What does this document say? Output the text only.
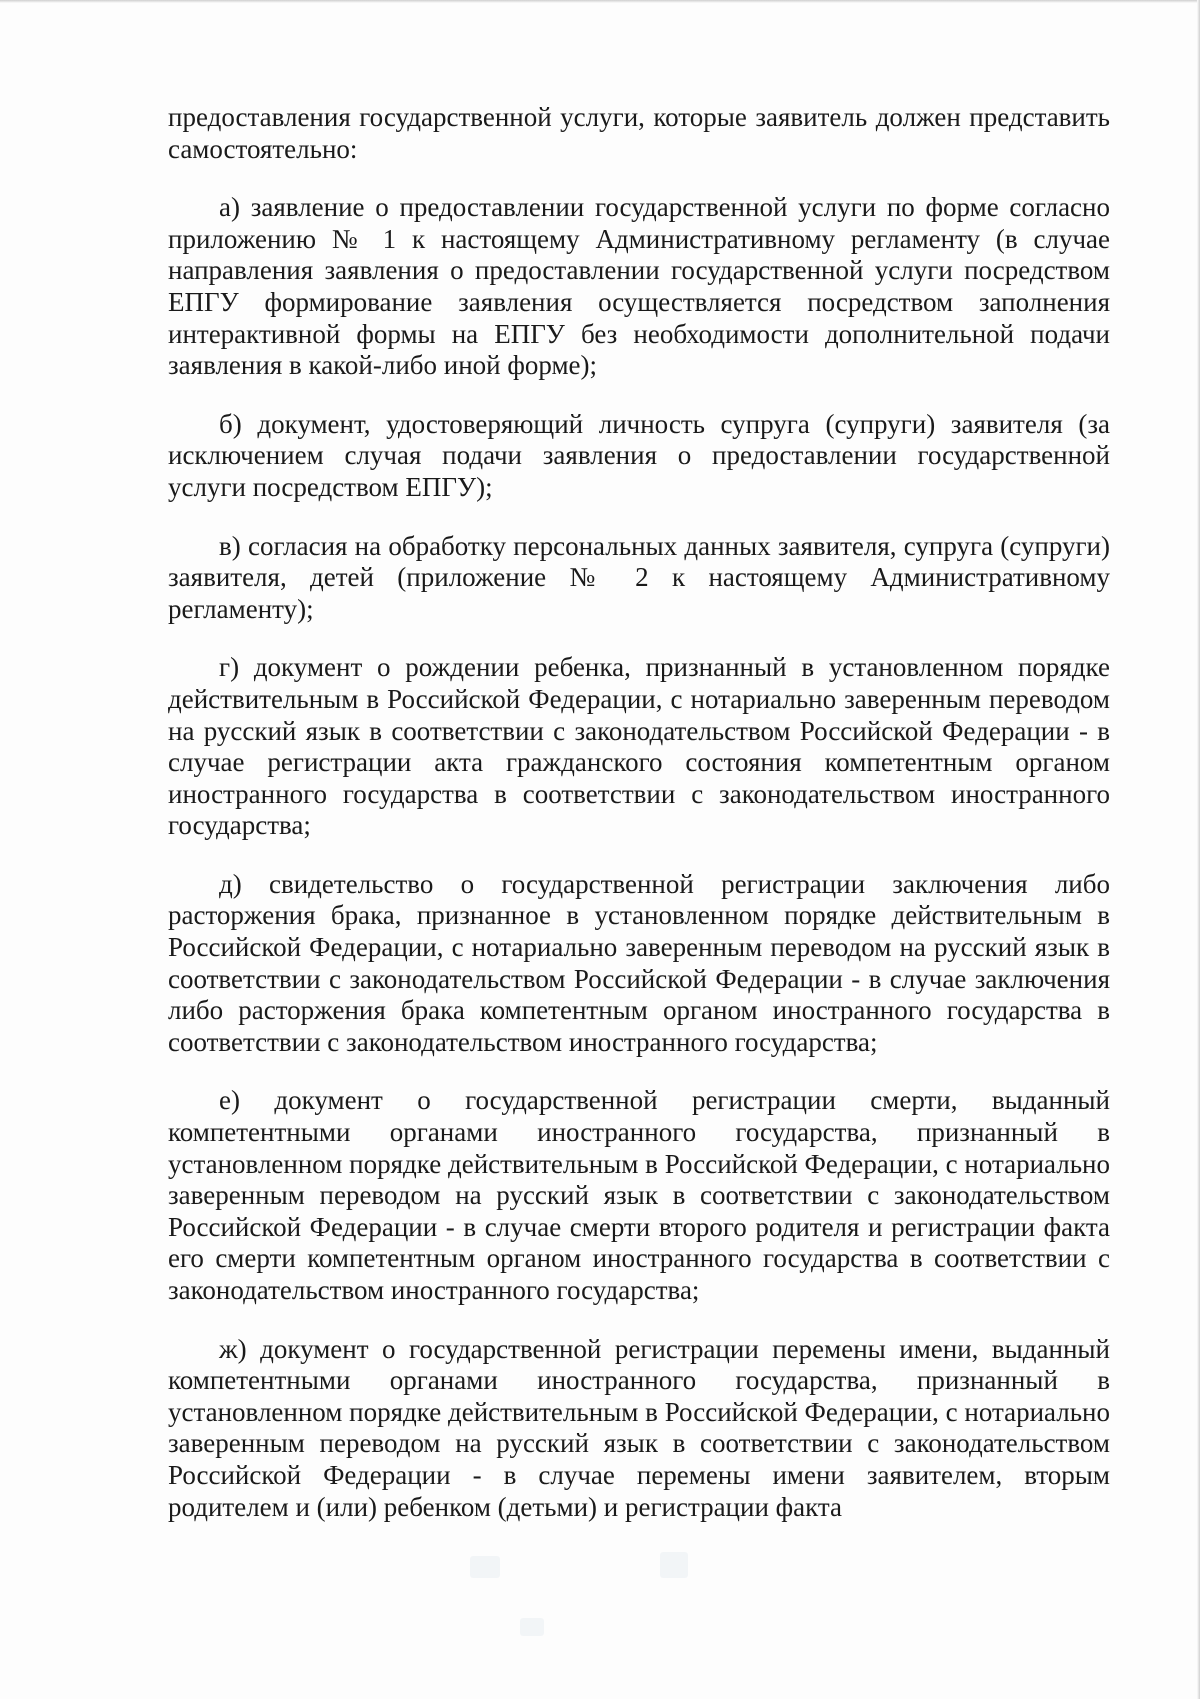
предоставления государственной услуги, которые заявитель должен представить самостоятельно:

а) заявление о предоставлении государственной услуги по форме согласно приложению № 1 к настоящему Административному регламенту (в случае направления заявления о предоставлении государственной услуги посредством ЕПГУ формирование заявления осуществляется посредством заполнения интерактивной формы на ЕПГУ без необходимости дополнительной подачи заявления в какой-либо иной форме);

б) документ, удостоверяющий личность супруга (супруги) заявителя (за исключением случая подачи заявления о предоставлении государственной услуги посредством ЕПГУ);

в) согласия на обработку персональных данных заявителя, супруга (супруги) заявителя, детей (приложение № 2 к настоящему Административному регламенту);

г) документ о рождении ребенка, признанный в установленном порядке действительным в Российской Федерации, с нотариально заверенным переводом на русский язык в соответствии с законодательством Российской Федерации - в случае регистрации акта гражданского состояния компетентным органом иностранного государства в соответствии с законодательством иностранного государства;

д) свидетельство о государственной регистрации заключения либо расторжения брака, признанное в установленном порядке действительным в Российской Федерации, с нотариально заверенным переводом на русский язык в соответствии с законодательством Российской Федерации - в случае заключения либо расторжения брака компетентным органом иностранного государства в соответствии с законодательством иностранного государства;

е) документ о государственной регистрации смерти, выданный компетентными органами иностранного государства, признанный в установленном порядке действительным в Российской Федерации, с нотариально заверенным переводом на русский язык в соответствии с законодательством Российской Федерации - в случае смерти второго родителя и регистрации факта его смерти компетентным органом иностранного государства в соответствии с законодательством иностранного государства;

ж) документ о государственной регистрации перемены имени, выданный компетентными органами иностранного государства, признанный в установленном порядке действительным в Российской Федерации, с нотариально заверенным переводом на русский язык в соответствии с законодательством Российской Федерации - в случае перемены имени заявителем, вторым родителем и (или) ребенком (детьми) и регистрации факта
